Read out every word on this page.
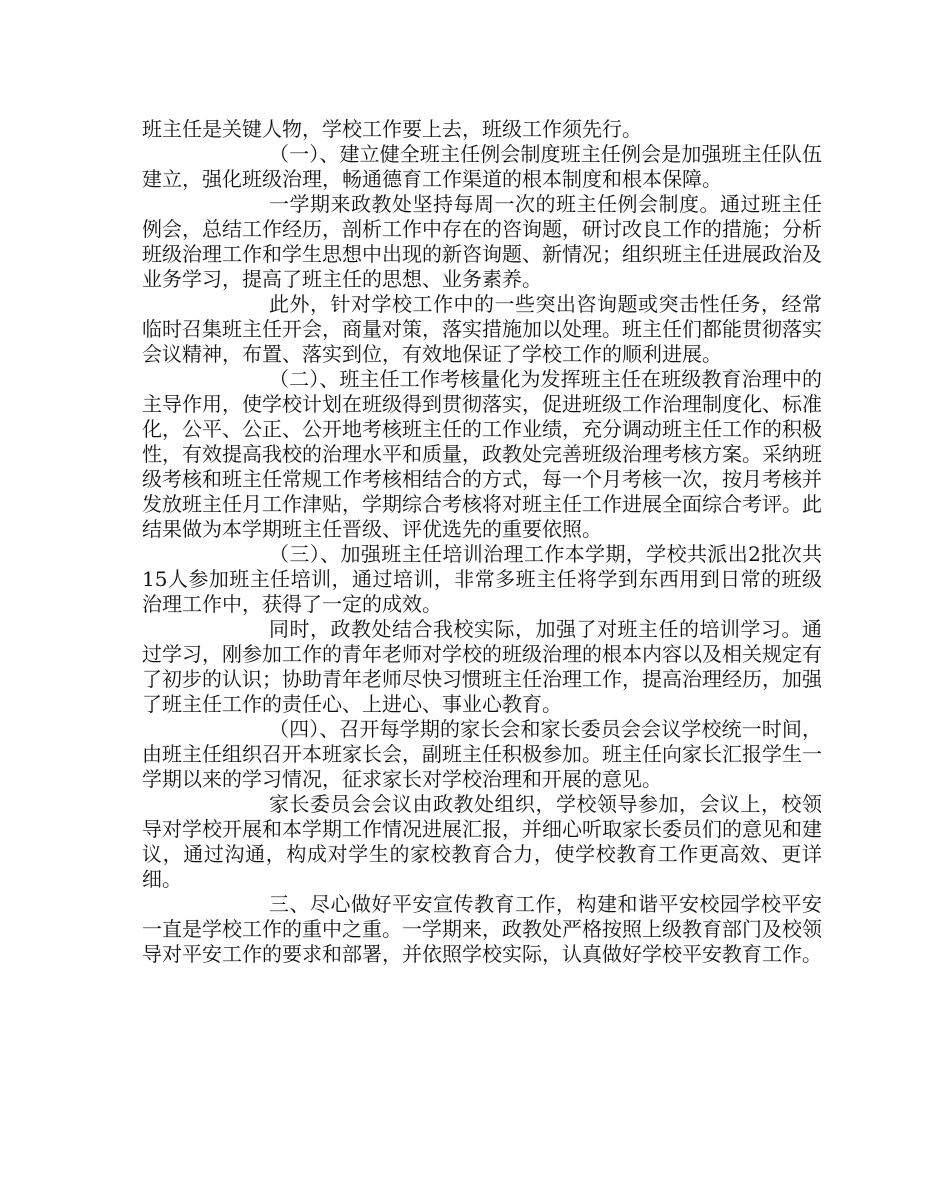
班主任是关键人物，学校工作要上去，班级工作须先行。

（一）、建立健全班主任例会制度班主任例会是加强班主任队伍建立，强化班级治理，畅通德育工作渠道的根本制度和根本保障。

一学期来政教处坚持每周一次的班主任例会制度。通过班主任例会，总结工作经历，剖析工作中存在的咨询题，研讨改良工作的措施；分析班级治理工作和学生思想中出现的新咨询题、新情况；组织班主任进展政治及业务学习，提高了班主任的思想、业务素养。

此外，针对学校工作中的一些突出咨询题或突击性任务，经常临时召集班主任开会，商量对策，落实措施加以处理。班主任们都能贯彻落实会议精神，布置、落实到位，有效地保证了学校工作的顺利进展。

（二）、班主任工作考核量化为发挥班主任在班级教育治理中的主导作用，使学校计划在班级得到贯彻落实，促进班级工作治理制度化、标准化，公平、公正、公开地考核班主任的工作业绩，充分调动班主任工作的积极性，有效提高我校的治理水平和质量，政教处完善班级治理考核方案。采纳班级考核和班主任常规工作考核相结合的方式，每一个月考核一次，按月考核并发放班主任月工作津贴，学期综合考核将对班主任工作进展全面综合考评。此结果做为本学期班主任晋级、评优选先的重要依照。

（三）、加强班主任培训治理工作本学期，学校共派出2批次共15人参加班主任培训，通过培训，非常多班主任将学到东西用到日常的班级治理工作中，获得了一定的成效。

同时，政教处结合我校实际，加强了对班主任的培训学习。通过学习，刚参加工作的青年老师对学校的班级治理的根本内容以及相关规定有了初步的认识；协助青年老师尽快习惯班主任治理工作，提高治理经历，加强了班主任工作的责任心、上进心、事业心教育。

（四）、召开每学期的家长会和家长委员会会议学校统一时间，由班主任组织召开本班家长会，副班主任积极参加。班主任向家长汇报学生一学期以来的学习情况，征求家长对学校治理和开展的意见。

家长委员会会议由政教处组织，学校领导参加，会议上，校领导对学校开展和本学期工作情况进展汇报，并细心听取家长委员们的意见和建议，通过沟通，构成对学生的家校教育合力，使学校教育工作更高效、更详细。

三、尽心做好平安宣传教育工作，构建和谐平安校园学校平安一直是学校工作的重中之重。一学期来，政教处严格按照上级教育部门及校领导对平安工作的要求和部署，并依照学校实际，认真做好学校平安教育工作。
